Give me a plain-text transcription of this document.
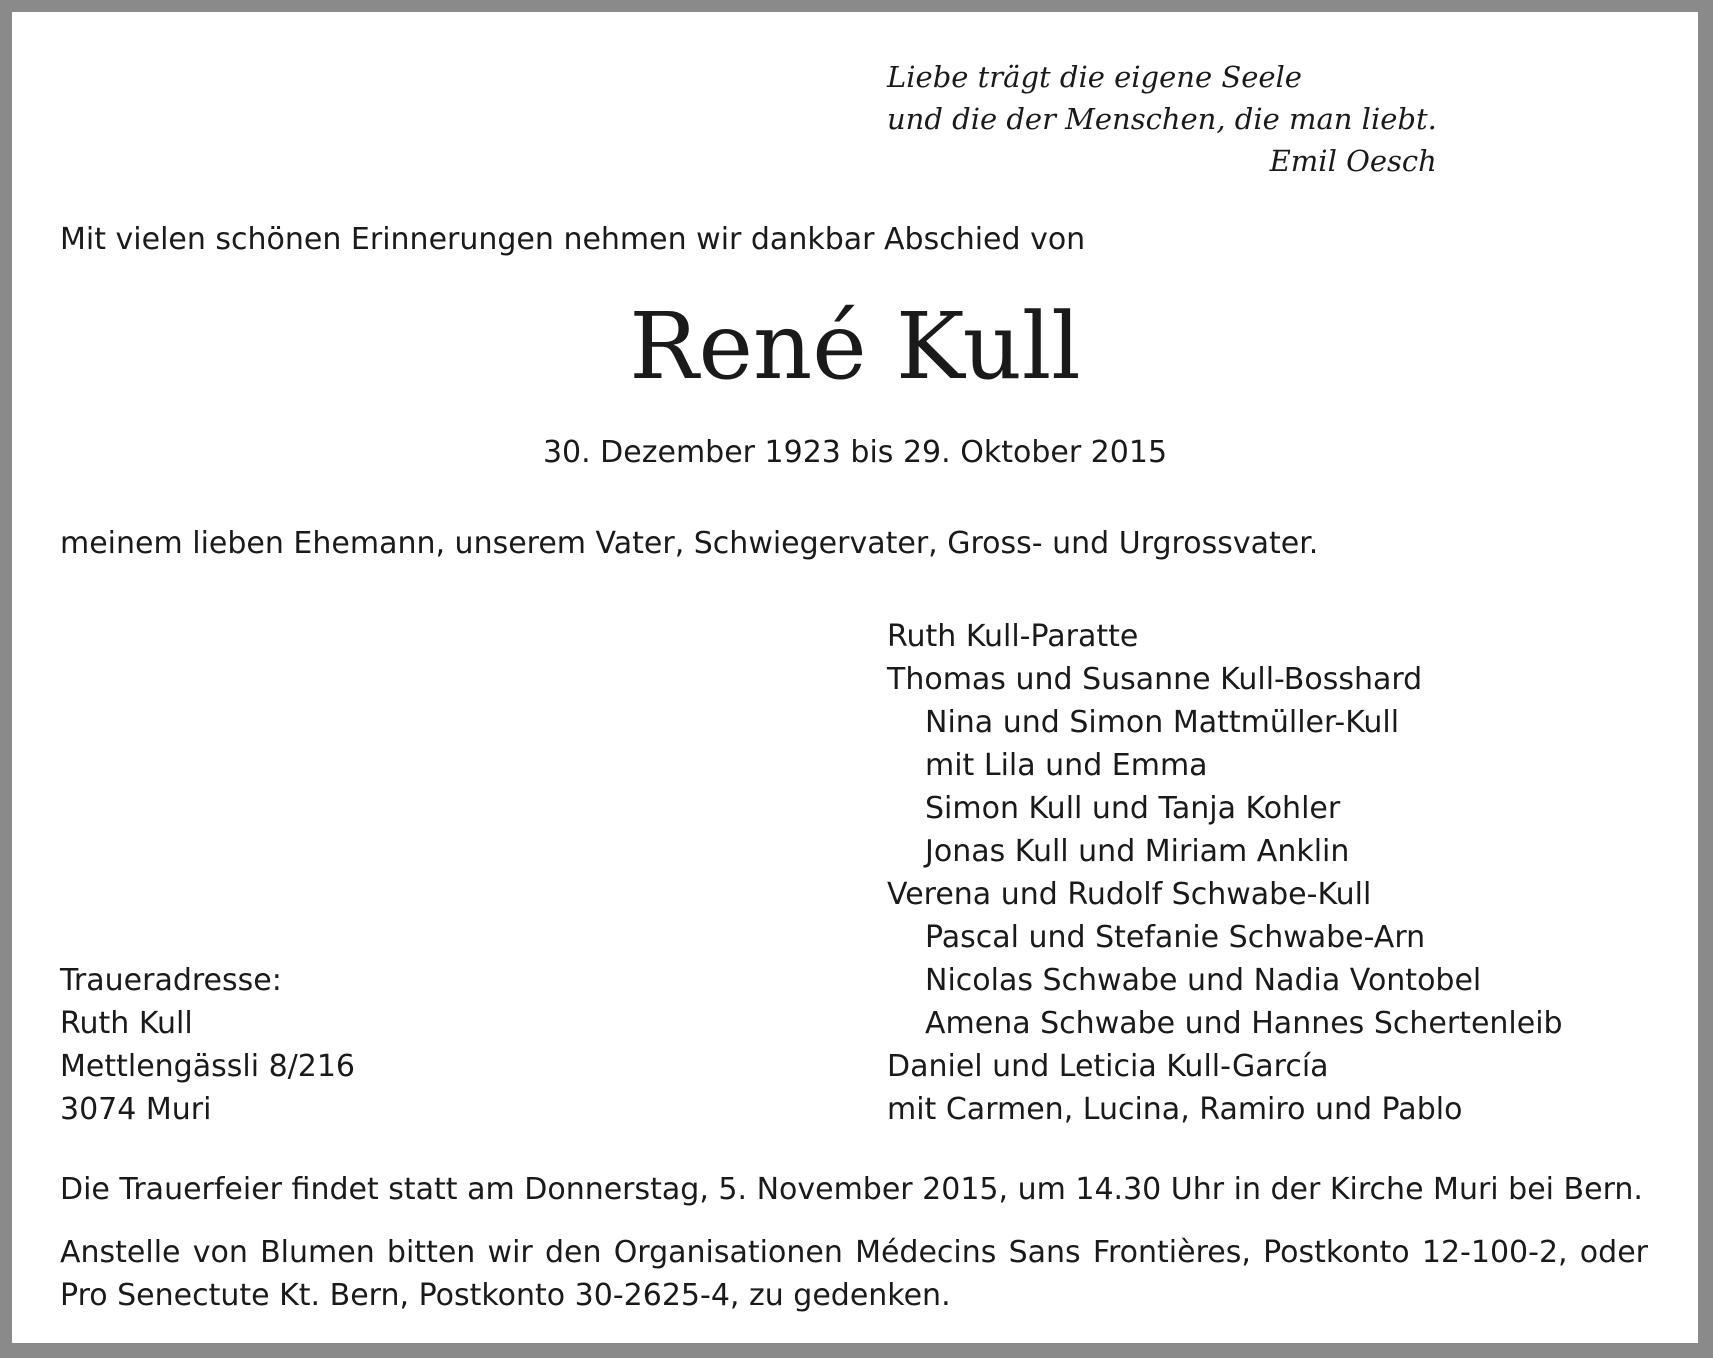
Liebe trägt die eigene Seele
und die der Menschen, die man liebt.
Emil Oesch
Mit vielen schönen Erinnerungen nehmen wir dankbar Abschied von
René Kull
30. Dezember 1923 bis 29. Oktober 2015
meinem lieben Ehemann, unserem Vater, Schwiegervater, Gross- und Urgrossvater.
Ruth Kull-Paratte
Thomas und Susanne Kull-Bosshard
Nina und Simon Mattmüller-Kull
mit Lila und Emma
Simon Kull und Tanja Kohler
Jonas Kull und Miriam Anklin
Verena und Rudolf Schwabe-Kull
Pascal und Stefanie Schwabe-Arn
Nicolas Schwabe und Nadia Vontobel
Amena Schwabe und Hannes Schertenleib
Daniel und Leticia Kull-García
mit Carmen, Lucina, Ramiro und Pablo
Traueradresse:
Ruth Kull
Mettlengässli 8/216
3074 Muri
Die Trauerfeier findet statt am Donnerstag, 5. November 2015, um 14.30 Uhr in der Kirche Muri bei Bern.
Anstelle von Blumen bitten wir den Organisationen Médecins Sans Frontières, Postkonto 12-100-2, oder Pro Senectute Kt. Bern, Postkonto 30-2625-4, zu gedenken.
